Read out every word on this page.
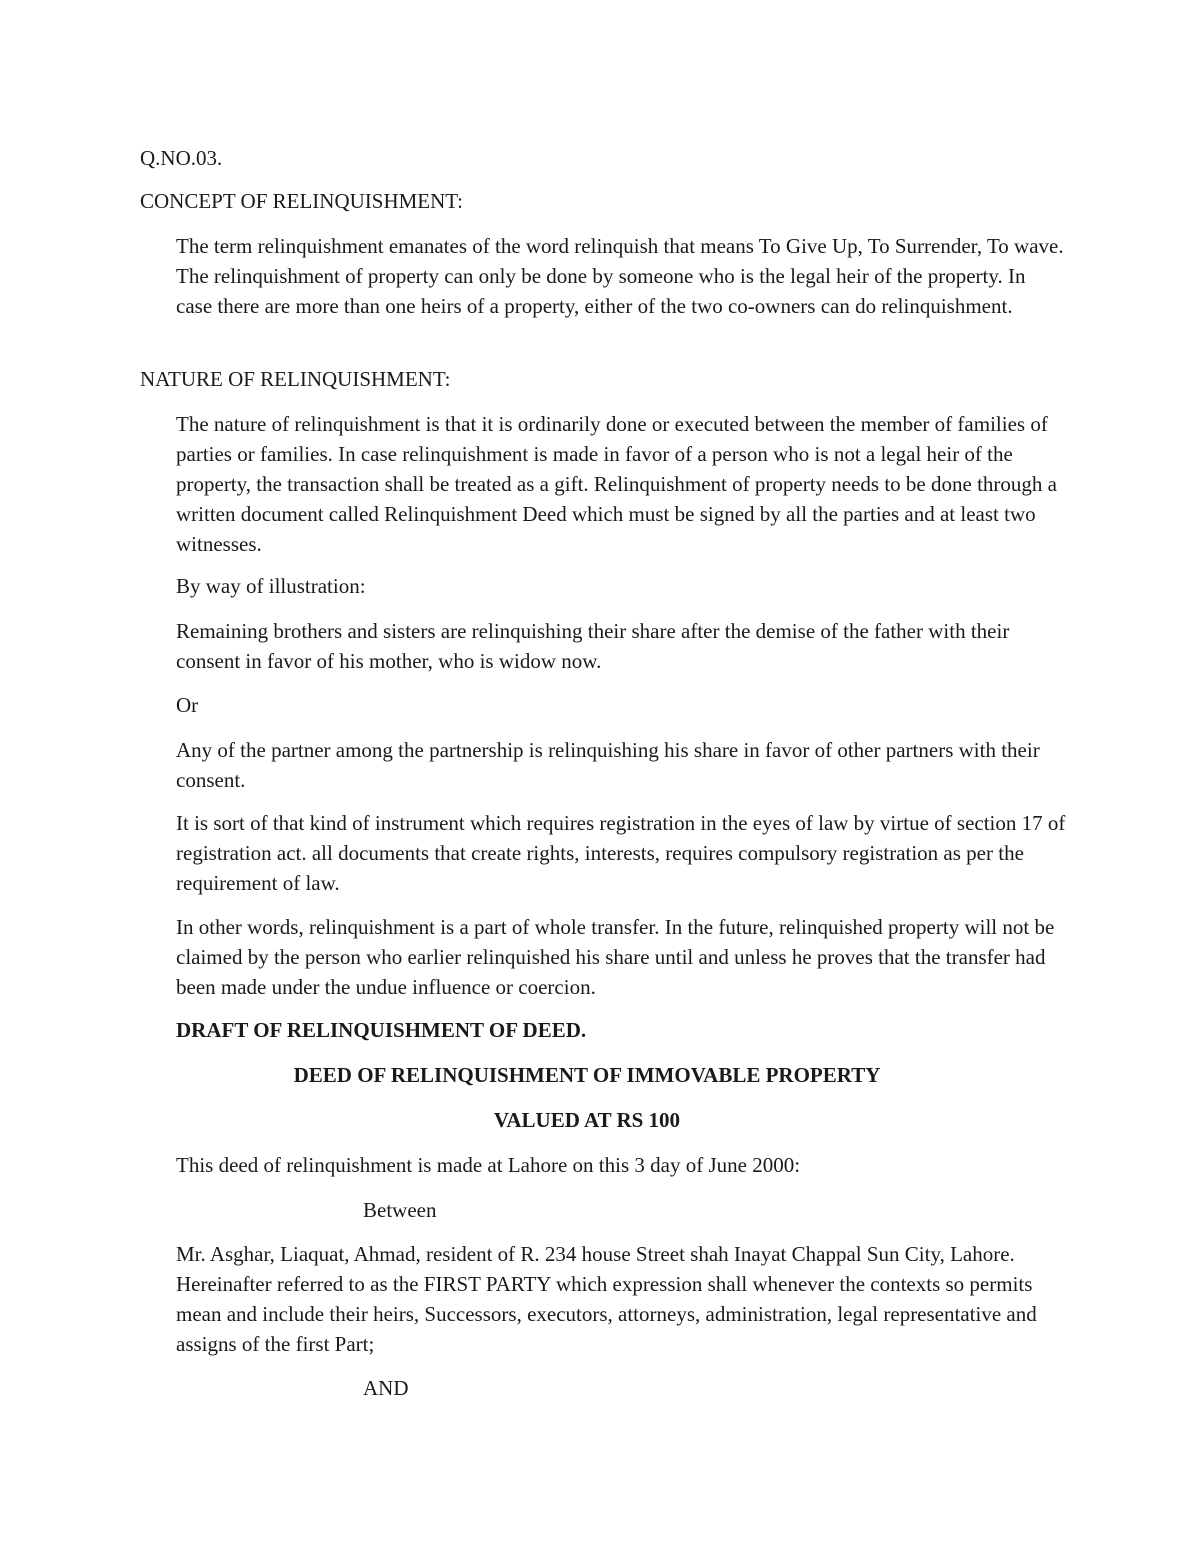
Q.NO.03.
CONCEPT OF RELINQUISHMENT:

The term relinquishment emanates of the word relinquish that means To Give Up, To Surrender, To wave. The relinquishment of property can only be done by someone who is the legal heir of the property. In case there are more than one heirs of a property, either of the two co-owners can do relinquishment.

NATURE OF RELINQUISHMENT:

The nature of relinquishment is that it is ordinarily done or executed between the member of families of parties or families. In case relinquishment is made in favor of a person who is not a legal heir of the property, the transaction shall be treated as a gift. Relinquishment of property needs to be done through a written document called Relinquishment Deed which must be signed by all the parties and at least two witnesses.

By way of illustration:

Remaining brothers and sisters are relinquishing their share after the demise of the father with their consent in favor of his mother, who is widow now.

Or

Any of the partner among the partnership is relinquishing his share in favor of other partners with their consent.

It is sort of that kind of instrument which requires registration in the eyes of law by virtue of section 17 of registration act. all documents that create rights, interests, requires compulsory registration as per the requirement of law.

In other words, relinquishment is a part of whole transfer. In the future, relinquished property will not be claimed by the person who earlier relinquished his share until and unless he proves that the transfer had been made under the undue influence or coercion.

DRAFT OF RELINQUISHMENT OF DEED.
DEED OF RELINQUISHMENT OF IMMOVABLE PROPERTY
VALUED AT RS 100
This deed of relinquishment is made at Lahore on this 3 day of June 2000:
Between

Mr. Asghar, Liaquat, Ahmad, resident of R. 234 house Street shah Inayat Chappal Sun City, Lahore. Hereinafter referred to as the FIRST PARTY which expression shall whenever the contexts so permits mean and include their heirs, Successors, executors, attorneys, administration, legal representative and assigns of the first Part;

AND
